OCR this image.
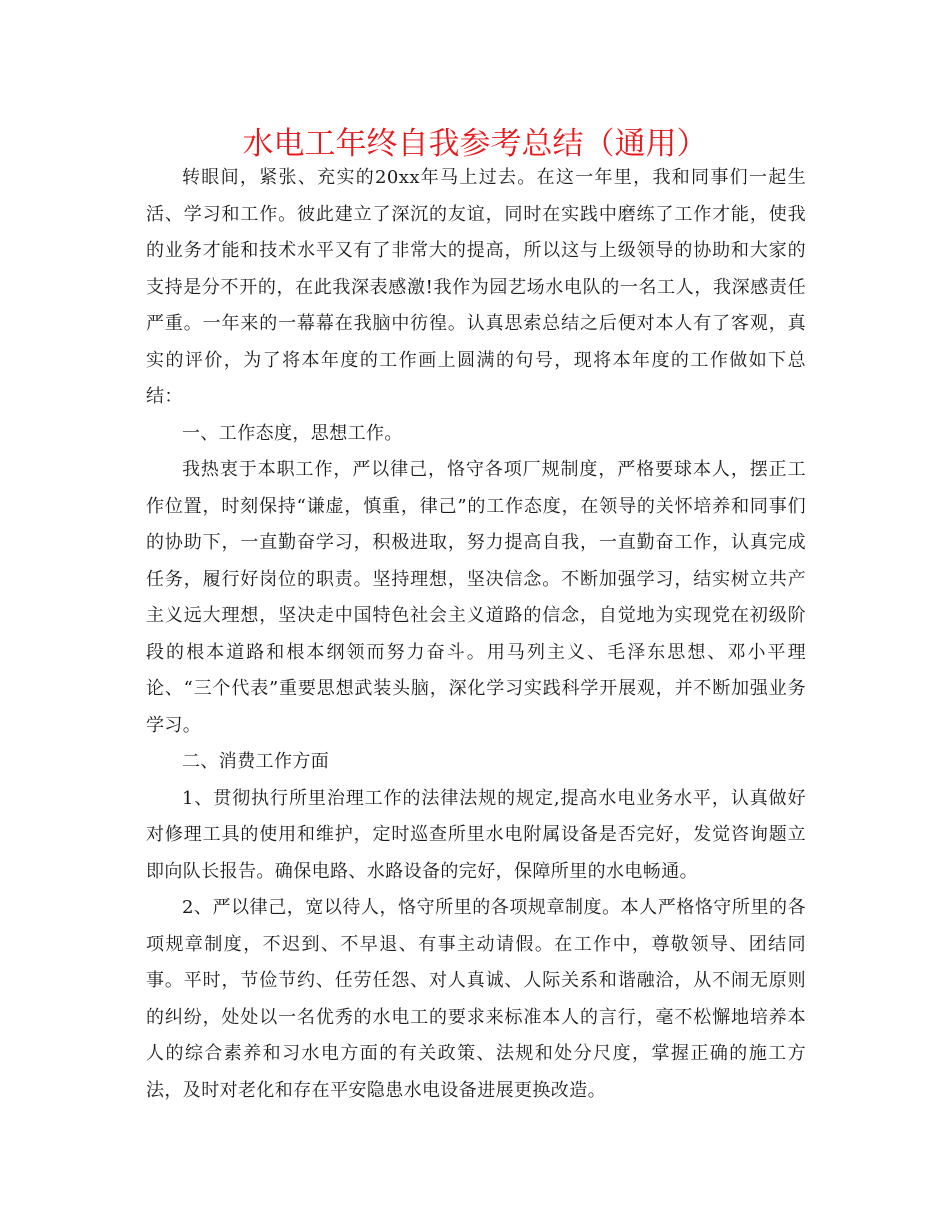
水电工年终自我参考总结（通用）

转眼间，紧张、充实的20xx年马上过去。在这一年里，我和同事们一起生活、学习和工作。彼此建立了深沉的友谊，同时在实践中磨练了工作才能，使我的业务才能和技术水平又有了非常大的提高，所以这与上级领导的协助和大家的支持是分不开的，在此我深表感激!我作为园艺场水电队的一名工人，我深感责任严重。一年来的一幕幕在我脑中彷徨。认真思索总结之后便对本人有了客观，真实的评价，为了将本年度的工作画上圆满的句号，现将本年度的工作做如下总结：

一、工作态度，思想工作。

我热衷于本职工作，严以律己，恪守各项厂规制度，严格要球本人，摆正工作位置，时刻保持“谦虚，慎重，律己”的工作态度，在领导的关怀培养和同事们的协助下，一直勤奋学习，积极进取，努力提高自我，一直勤奋工作，认真完成任务，履行好岗位的职责。坚持理想，坚决信念。不断加强学习，结实树立共产主义远大理想，坚决走中国特色社会主义道路的信念，自觉地为实现党在初级阶段的根本道路和根本纲领而努力奋斗。用马列主义、毛泽东思想、邓小平理论、“三个代表”重要思想武装头脑，深化学习实践科学开展观，并不断加强业务学习。

二、消费工作方面

1、贯彻执行所里治理工作的法律法规的规定,提高水电业务水平，认真做好对修理工具的使用和维护，定时巡查所里水电附属设备是否完好，发觉咨询题立即向队长报告。确保电路、水路设备的完好，保障所里的水电畅通。

2、严以律己，宽以待人，恪守所里的各项规章制度。本人严格恪守所里的各项规章制度，不迟到、不早退、有事主动请假。在工作中，尊敬领导、团结同事。平时，节俭节约、任劳任怨、对人真诚、人际关系和谐融洽，从不闹无原则的纠纷，处处以一名优秀的水电工的要求来标准本人的言行，毫不松懈地培养本人的综合素养和习水电方面的有关政策、法规和处分尺度，掌握正确的施工方法，及时对老化和存在平安隐患水电设备进展更换改造。
